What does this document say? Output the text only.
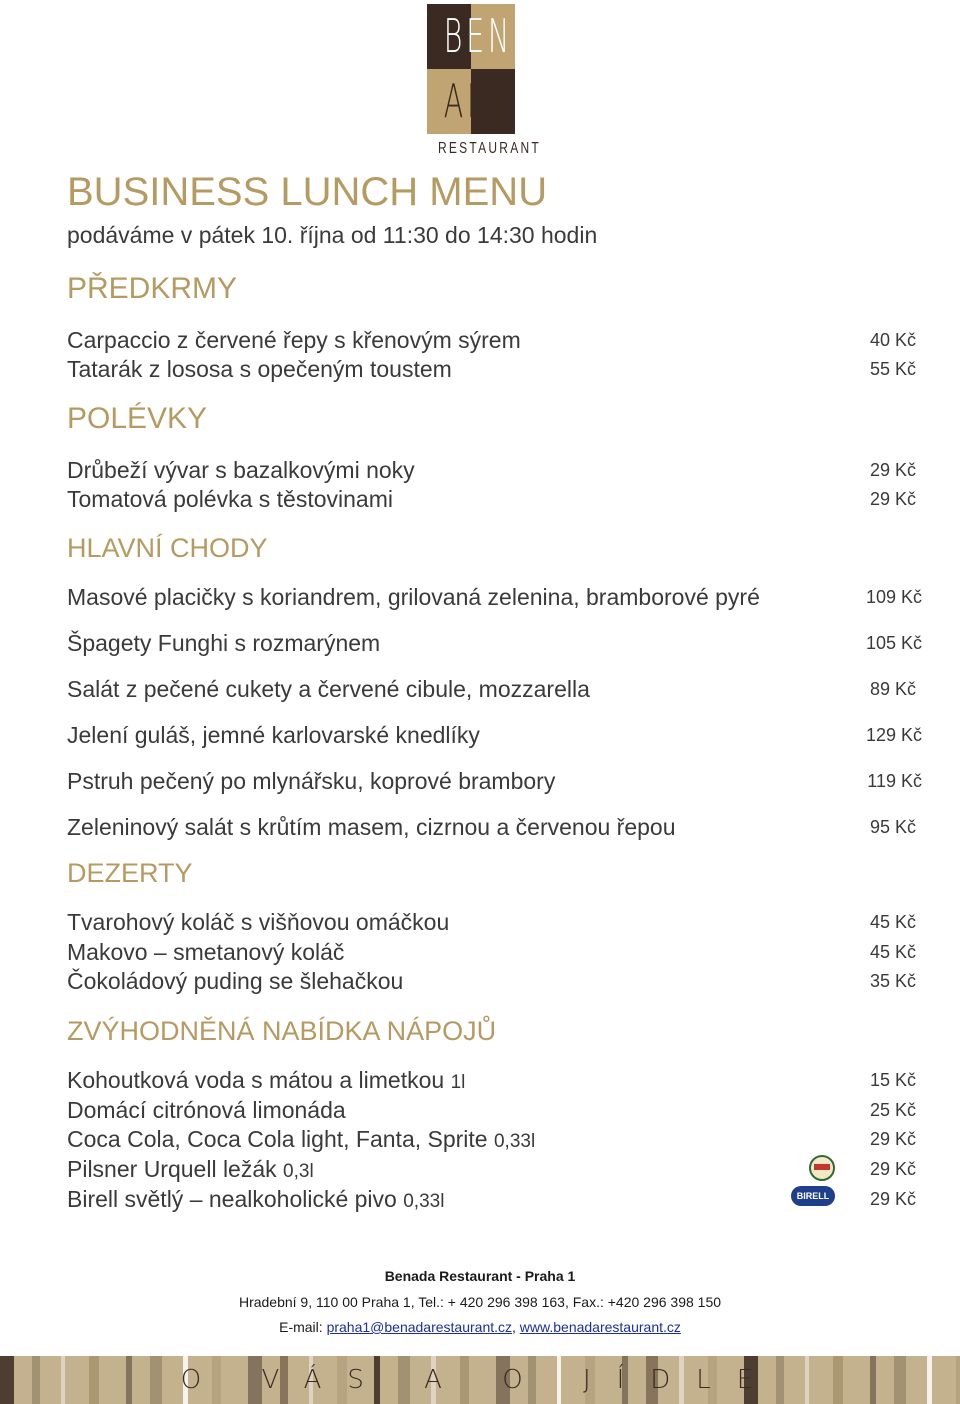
BEN
ADA
RESTAURANT
BUSINESS LUNCH MENU
podáváme v pátek 10. října od 11:30 do 14:30 hodin
PŘEDKRMY
Carpaccio z červené řepy s křenovým sýrem	40 Kč
Tatarák z lososa s opečeným toustem	55 Kč
POLÉVKY
Drůbeží vývar s bazalkovými noky	29 Kč
Tomatová polévka s těstovinami	29 Kč
HLAVNÍ CHODY
Masové placičky s koriandrem, grilovaná zelenina, bramborové pyré	109 Kč
Špagety Funghi s rozmarýnem	105 Kč
Salát z pečené cukety a červené cibule, mozzarella	89 Kč
Jelení guláš, jemné karlovarské knedlíky	129 Kč
Pstruh pečený po mlynářsku, koprové brambory	119 Kč
Zeleninový salát s krůtím masem, cizrnou a červenou řepou	95 Kč
DEZERTY
Tvarohový koláč s višňovou omáčkou	45 Kč
Makovo – smetanový koláč	45 Kč
Čokoládový puding se šlehačkou	35 Kč
ZVÝHODNĚNÁ NABÍDKA NÁPOJŮ
Kohoutková voda s mátou a limetkou 1l	15 Kč
Domácí citrónová limonáda	25 Kč
Coca Cola, Coca Cola light, Fanta, Sprite 0,33l	29 Kč
Pilsner Urquell ležák 0,3l	29 Kč
Birell světlý – nealkoholické pivo 0,33l	29 Kč
BIRELL
Benada Restaurant - Praha 1
Hradební 9, 110 00 Praha 1, Tel.: + 420 296 398 163, Fax.: +420 296 398 150
E-mail: praha1@benadarestaurant.cz, www.benadarestaurant.cz
O VÁS A O JÍDLE
